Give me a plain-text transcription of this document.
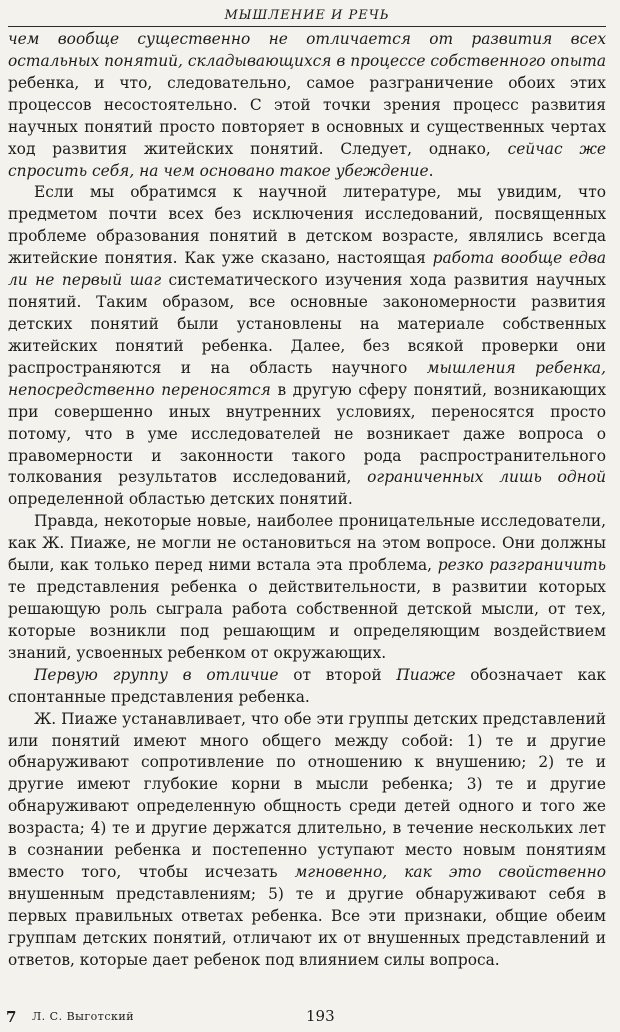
МЫШЛЕНИЕ И РЕЧЬ

чем вообще существенно не отличается от развития всех остальных понятий, складывающихся в процессе собственного опыта ребенка, и что, следовательно, самое разграничение обоих этих процессов несостоятельно. С этой точки зрения процесс развития научных понятий просто повторяет в основных и существенных чертах ход развития житейских понятий. Следует, однако, сейчас же спросить себя, на чем основано такое убеждение.

Если мы обратимся к научной литературе, мы увидим, что предметом почти всех без исключения исследований, посвященных проблеме образования понятий в детском возрасте, являлись всегда житейские понятия. Как уже сказано, настоящая работа вообще едва ли не первый шаг систематического изучения хода развития научных понятий. Таким образом, все основные закономерности развития детских понятий были установлены на материале собственных житейских понятий ребенка. Далее, без всякой проверки они распространяются и на область научного мышления ребенка, непосредственно переносятся в другую сферу понятий, возникающих при совершенно иных внутренних условиях, переносятся просто потому, что в уме исследователей не возникает даже вопроса о правомерности и законности такого рода распространительного толкования результатов исследований, ограниченных лишь одной определенной областью детских понятий.

Правда, некоторые новые, наиболее проницательные исследователи, как Ж. Пиаже, не могли не остановиться на этом вопросе. Они должны были, как только перед ними встала эта проблема, резко разграничить те представления ребенка о действительности, в развитии которых решающую роль сыграла работа собственной детской мысли, от тех, которые возникли под решающим и определяющим воздействием знаний, усвоенных ребенком от окружающих.

Первую группу в отличие от второй Пиаже обозначает как спонтанные представления ребенка.

Ж. Пиаже устанавливает, что обе эти группы детских представлений или понятий имеют много общего между собой: 1) те и другие обнаруживают сопротивление по отношению к внушению; 2) те и другие имеют глубокие корни в мысли ребенка; 3) те и другие обнаруживают определенную общность среди детей одного и того же возраста; 4) те и другие держатся длительно, в течение нескольких лет в сознании ребенка и постепенно уступают место новым понятиям вместо того, чтобы исчезать мгновенно, как это свойственно внушенным представлениям; 5) те и другие обнаруживают себя в первых правильных ответах ребенка. Все эти признаки, общие обеим группам детских понятий, отличают их от внушенных представлений и ответов, которые дает ребенок под влиянием силы вопроса.

7 Л. С. Выготский	193
